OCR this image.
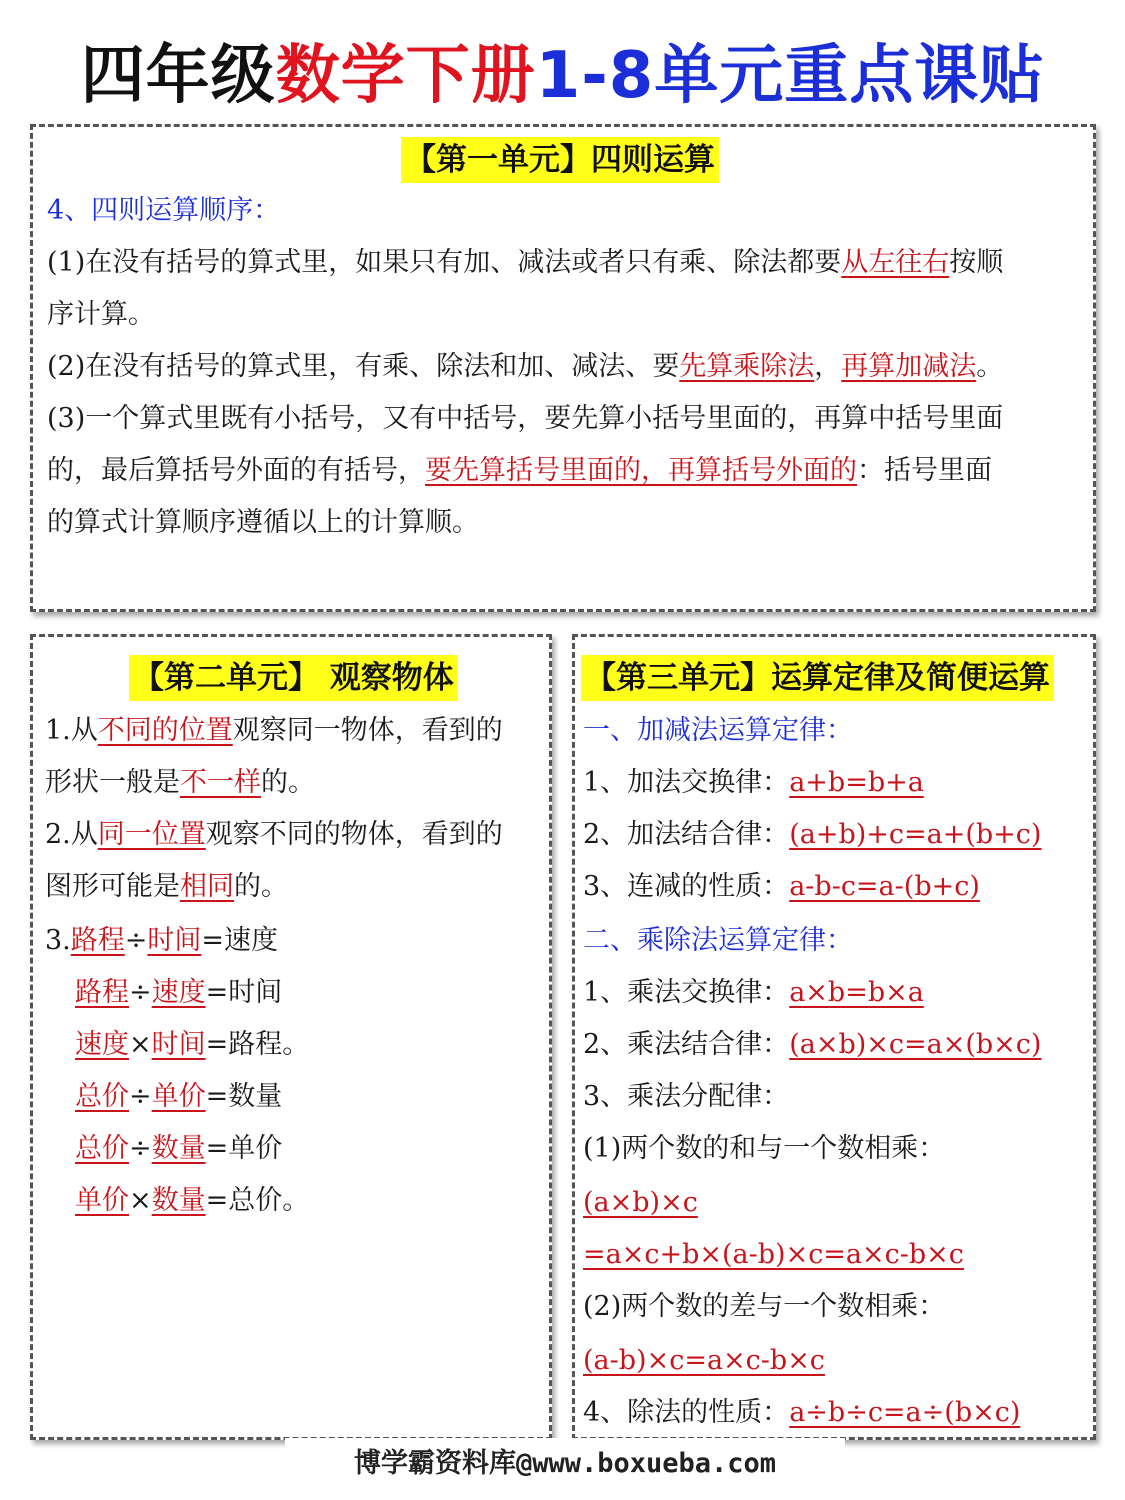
四年级数学下册1-8单元重点课贴
【第一单元】四则运算
4、四则运算顺序：
(1)在没有括号的算式里，如果只有加、减法或者只有乘、除法都要从左往右按顺
序计算。
(2)在没有括号的算式里，有乘、除法和加、减法、要先算乘除法，再算加减法。
(3)一个算式里既有小括号，又有中括号，要先算小括号里面的，再算中括号里面
的，最后算括号外面的有括号，要先算括号里面的，再算括号外面的：括号里面
的算式计算顺序遵循以上的计算顺。
【第二单元】 观察物体
1.从不同的位置观察同一物体，看到的
形状一般是不一样的。
2.从同一位置观察不同的物体，看到的
图形可能是相同的。
3.路程÷时间=速度
路程÷速度=时间
速度×时间=路程。
总价÷单价=数量
总价÷数量=单价
单价×数量=总价。
【第三单元】运算定律及简便运算
一、加减法运算定律：
1、加法交换律：a+b=b+a
2、加法结合律：(a+b)+c=a+(b+c)
3、连减的性质：a-b-c=a-(b+c)
二、乘除法运算定律：
1、乘法交换律：a×b=b×a
2、乘法结合律：(a×b)×c=a×(b×c)
3、乘法分配律：
(1)两个数的和与一个数相乘：
(a×b)×c
=a×c+b×(a-b)×c=a×c-b×c
(2)两个数的差与一个数相乘：
(a-b)×c=a×c-b×c
4、除法的性质：a÷b÷c=a÷(b×c)
博学霸资料库@www.boxueba.com
